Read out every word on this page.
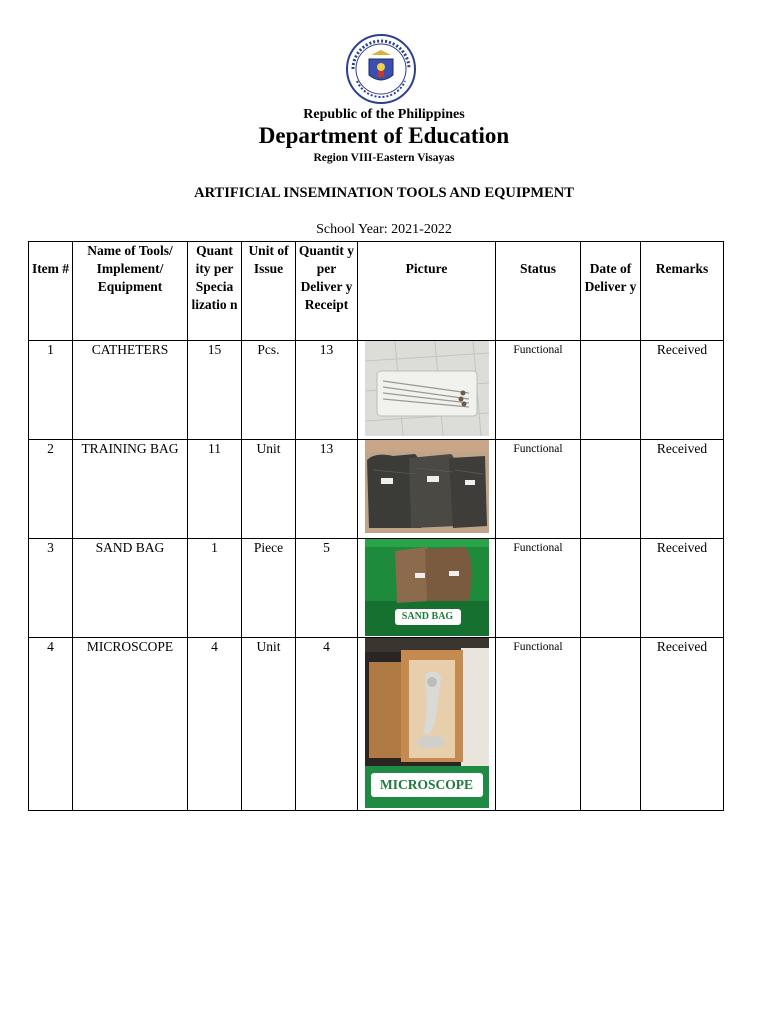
Republic of the Philippines
Department of Education
Region VIII-Eastern Visayas
ARTIFICIAL INSEMINATION TOOLS AND EQUIPMENT
School Year: 2021-2022
Item #	Name of Tools/ Implement/ Equipment	Quant ity per Specia lizatio n	Unit of Issue	Quantit y per Deliver y Receipt	Picture	Status	Date of Deliver y	Remarks
1	CATHETERS	15	Pcs.	13		Functional		Received
2	TRAINING BAG	11	Unit	13		Functional		Received
3	SAND BAG	1	Piece	5	SAND BAG	Functional		Received
4	MICROSCOPE	4	Unit	4	MICROSCOPE	Functional		Received
